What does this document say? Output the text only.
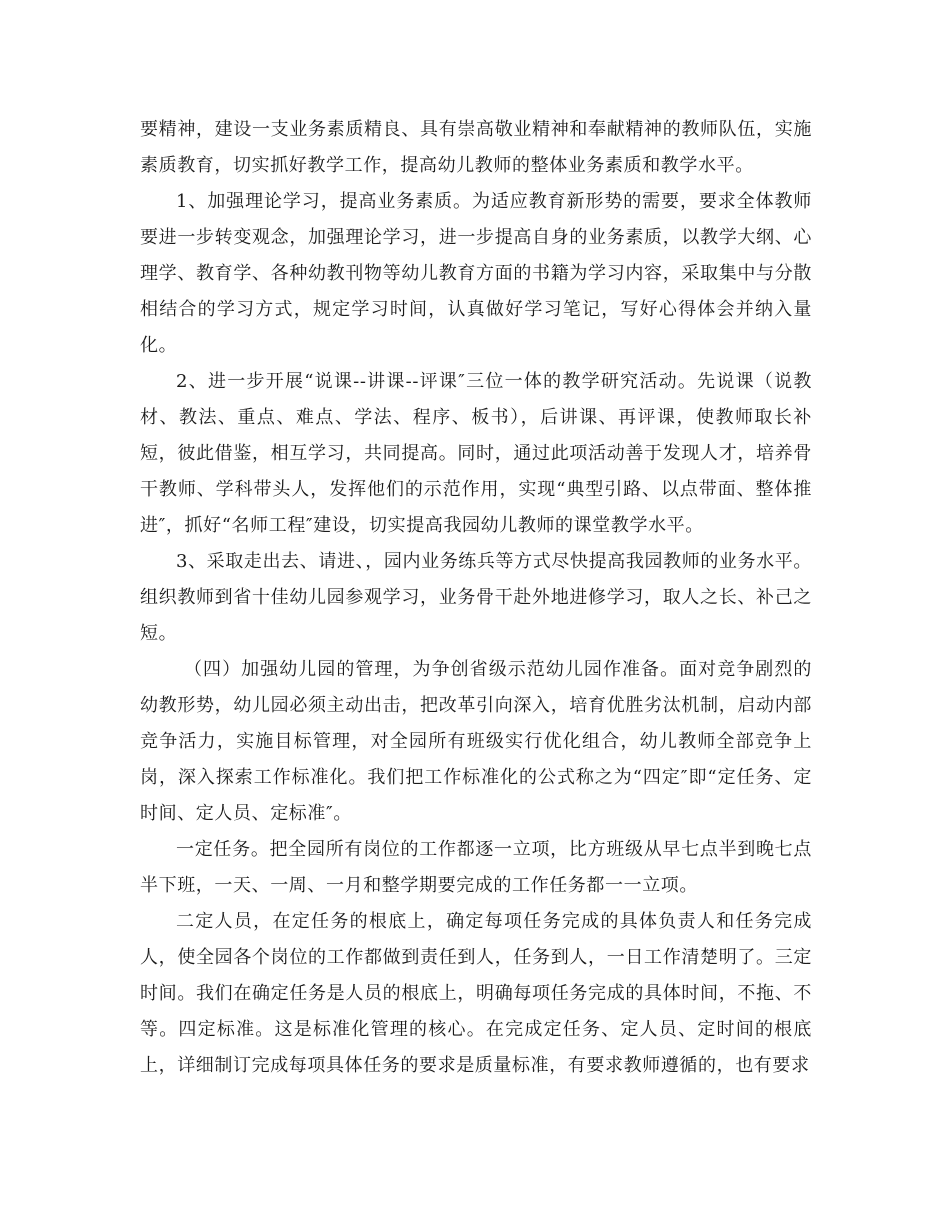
要精神，建设一支业务素质精良、具有崇高敬业精神和奉献精神的教师队伍，实施素质教育，切实抓好教学工作，提高幼儿教师的整体业务素质和教学水平。

1、加强理论学习，提高业务素质。为适应教育新形势的需要，要求全体教师要进一步转变观念，加强理论学习，进一步提高自身的业务素质，以教学大纲、心理学、教育学、各种幼教刊物等幼儿教育方面的书籍为学习内容，采取集中与分散相结合的学习方式，规定学习时间，认真做好学习笔记，写好心得体会并纳入量化。

2、进一步开展“说课--讲课--评课″三位一体的教学研究活动。先说课（说教材、教法、重点、难点、学法、程序、板书），后讲课、再评课，使教师取长补短，彼此借鉴，相互学习，共同提高。同时，通过此项活动善于发现人才，培养骨干教师、学科带头人，发挥他们的示范作用，实现“典型引路、以点带面、整体推进″，抓好“名师工程″建设，切实提高我园幼儿教师的课堂教学水平。

3、采取走出去、请进、，园内业务练兵等方式尽快提高我园教师的业务水平。组织教师到省十佳幼儿园参观学习，业务骨干赴外地进修学习，取人之长、补己之短。

（四）加强幼儿园的管理，为争创省级示范幼儿园作准备。面对竞争剧烈的幼教形势，幼儿园必须主动出击，把改革引向深入，培育优胜劣汰机制，启动内部竞争活力，实施目标管理，对全园所有班级实行优化组合，幼儿教师全部竞争上岗，深入探索工作标准化。我们把工作标准化的公式称之为“四定″即“定任务、定时间、定人员、定标准″。

一定任务。把全园所有岗位的工作都逐一立项，比方班级从早七点半到晚七点半下班，一天、一周、一月和整学期要完成的工作任务都一一立项。

二定人员，在定任务的根底上，确定每项任务完成的具体负责人和任务完成人，使全园各个岗位的工作都做到责任到人，任务到人，一日工作清楚明了。三定时间。我们在确定任务是人员的根底上，明确每项任务完成的具体时间，不拖、不等。四定标准。这是标准化管理的核心。在完成定任务、定人员、定时间的根底上，详细制订完成每项具体任务的要求是质量标准，有要求教师遵循的，也有要求
